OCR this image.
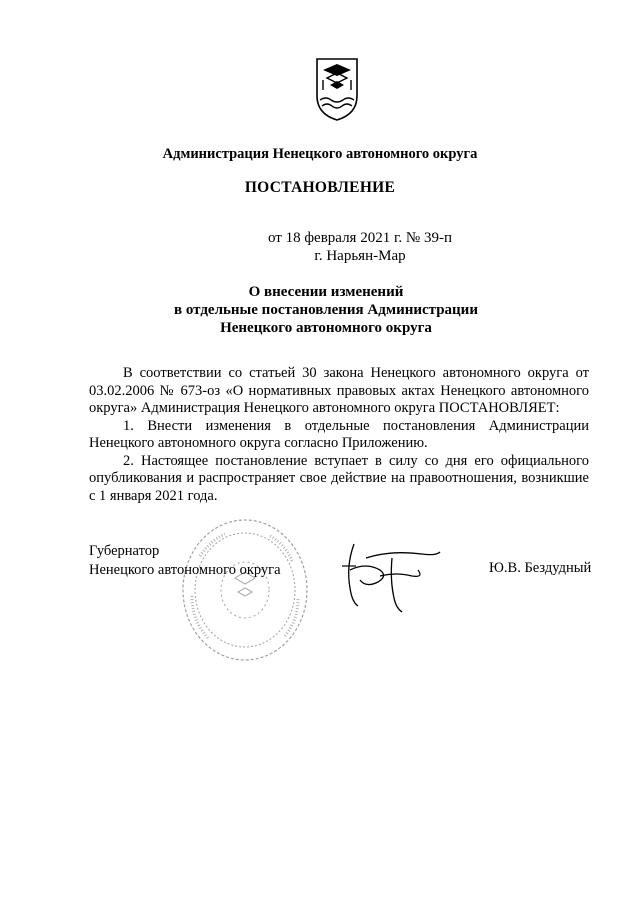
Администрация Ненецкого автономного округа
ПОСТАНОВЛЕНИЕ
от 18 февраля 2021 г. № 39-п
г. Нарьян-Мар
О внесении изменений
в отдельные постановления Администрации
Ненецкого автономного округа

В соответствии со статьей 30 закона Ненецкого автономного округа от 03.02.2006 № 673-оз «О нормативных правовых актах Ненецкого автономного округа» Администрация Ненецкого автономного округа ПОСТАНОВЛЯЕТ:

1. Внести изменения в отдельные постановления Администрации Ненецкого автономного округа согласно Приложению.

2. Настоящее постановление вступает в силу со дня его официального опубликования и распространяет свое действие на правоотношения, возникшие с 1 января 2021 года.

Губернатор
Ненецкого автономного округа	Ю.В. Бездудный
